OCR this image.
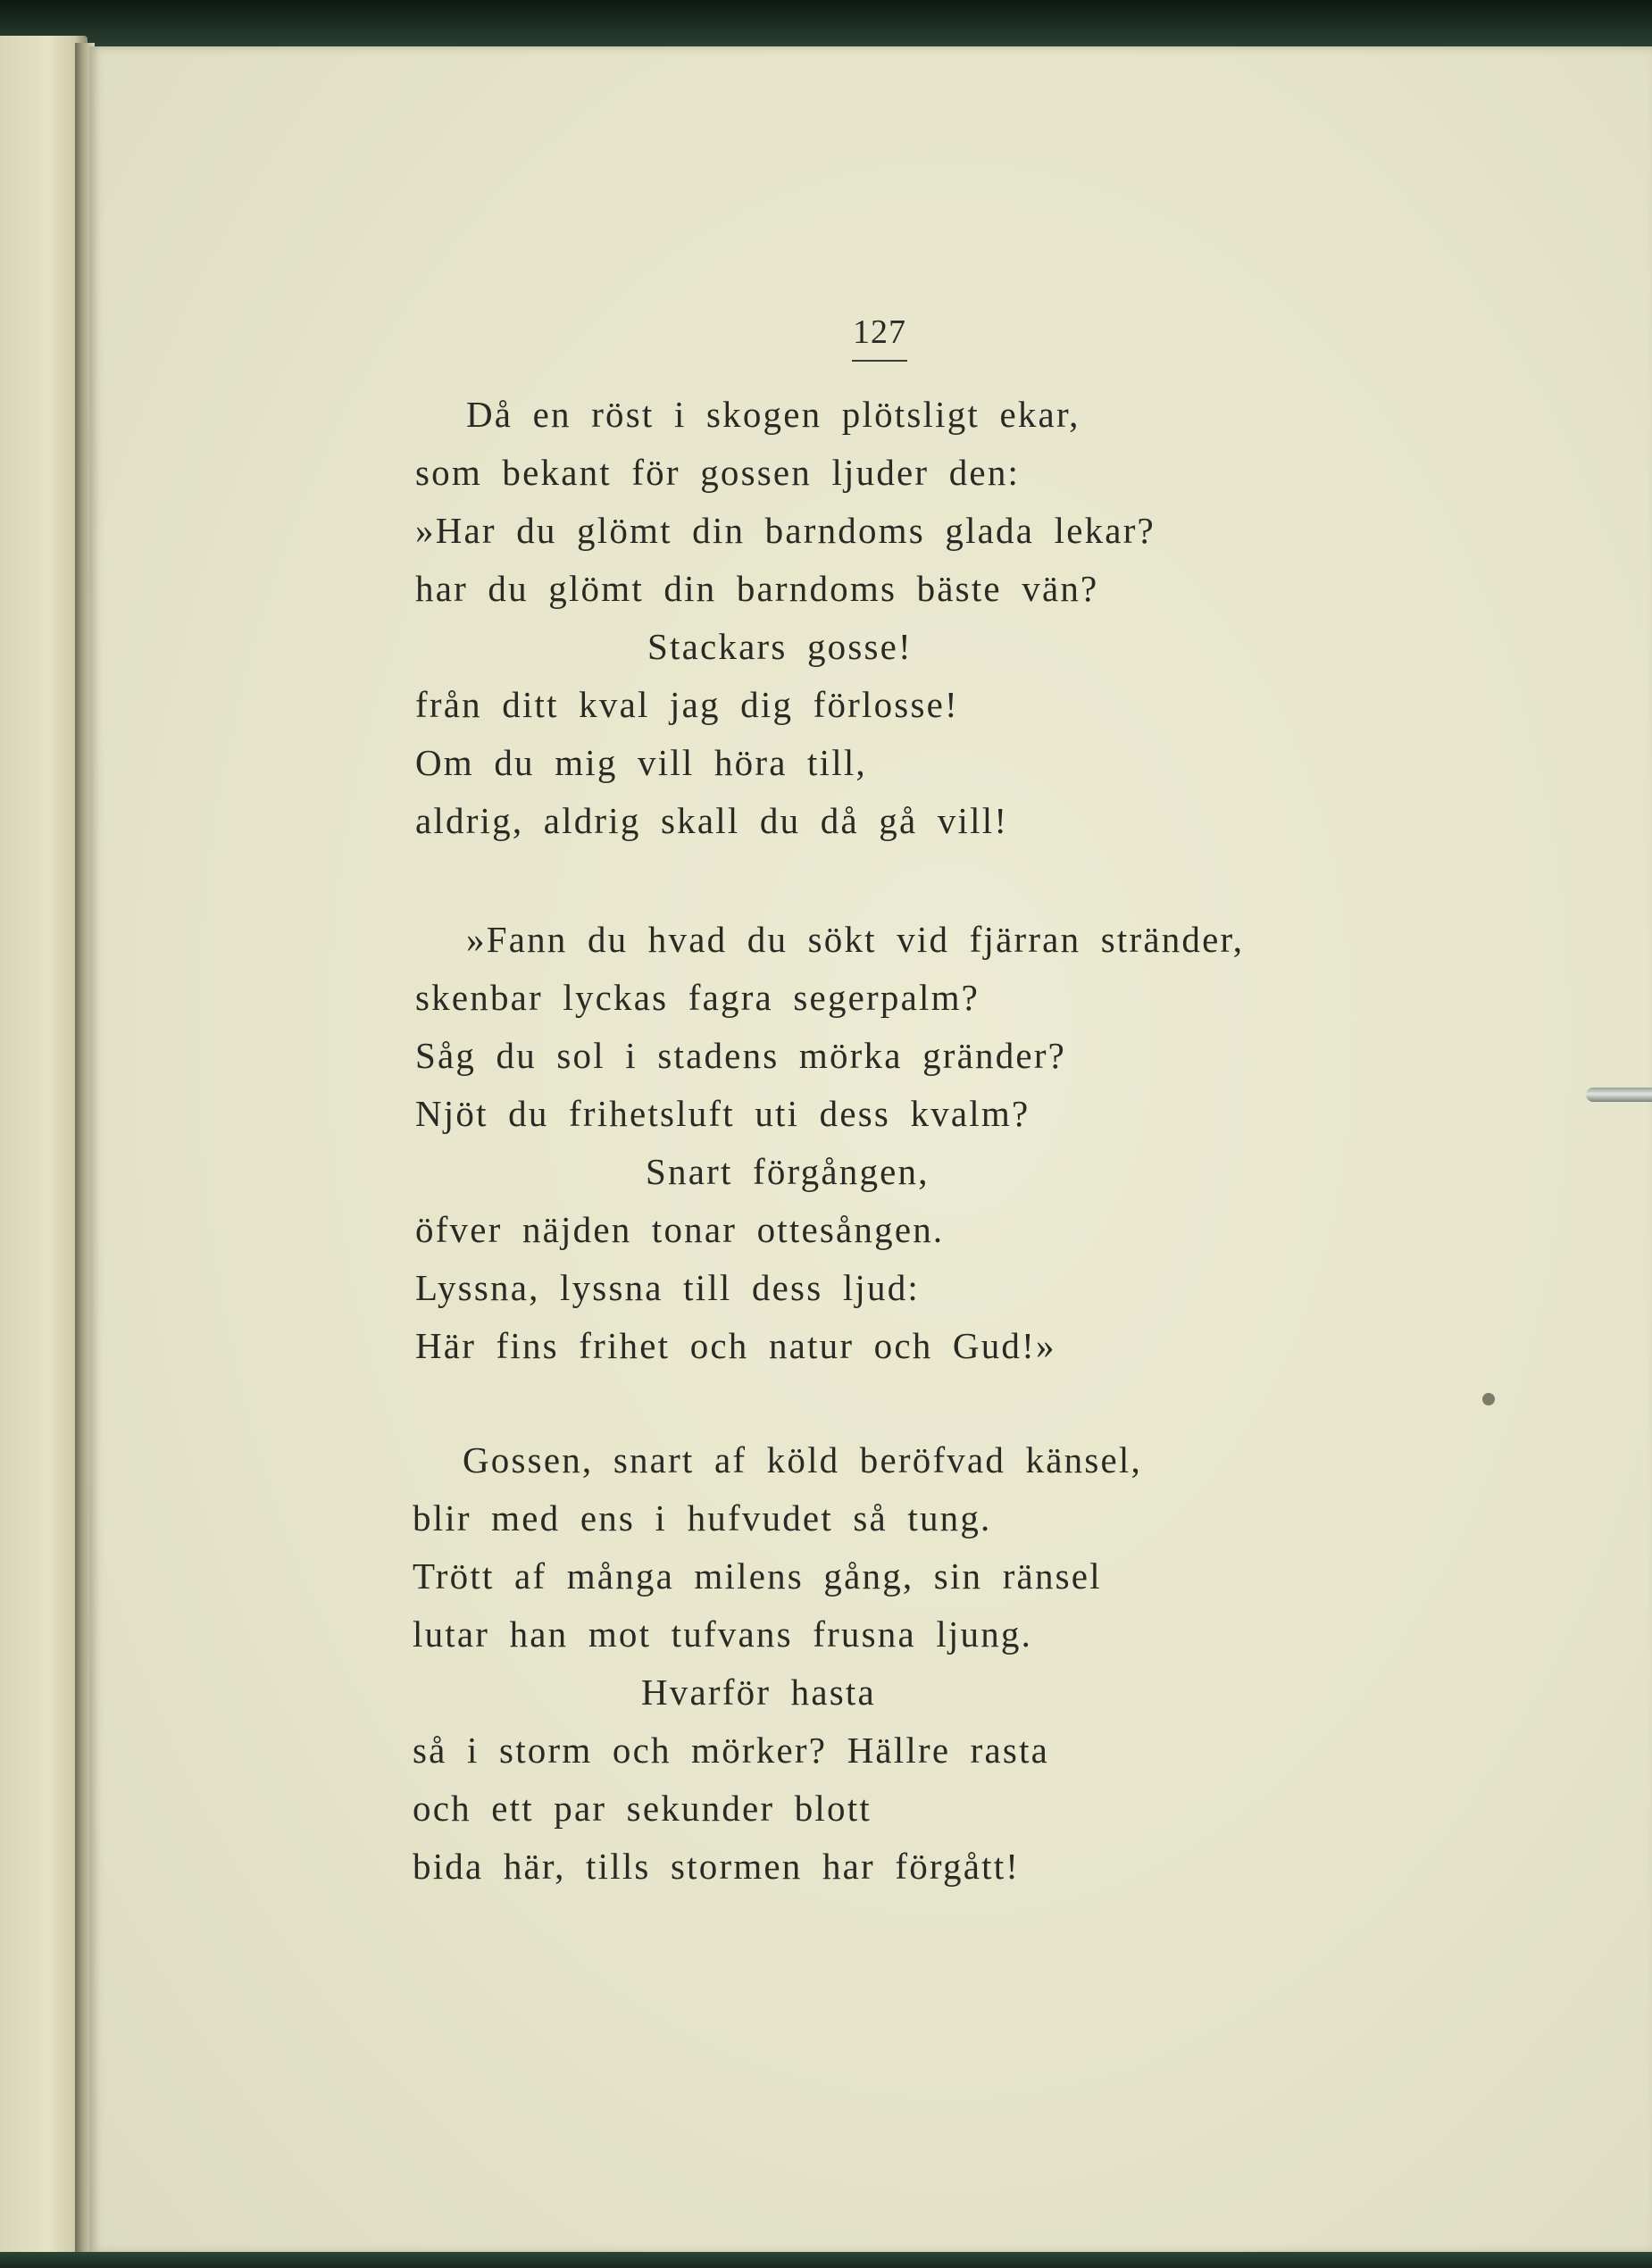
127
Då en röst i skogen plötsligt ekar,
som bekant för gossen ljuder den:
»Har du glömt din barndoms glada lekar?
har du glömt din barndoms bäste vän?
Stackars gosse!
från ditt kval jag dig förlosse!
Om du mig vill höra till,
aldrig, aldrig skall du då gå vill!
»Fann du hvad du sökt vid fjärran stränder,
skenbar lyckas fagra segerpalm?
Såg du sol i stadens mörka gränder?
Njöt du frihetsluft uti dess kvalm?
Snart förgången,
öfver näjden tonar ottesången.
Lyssna, lyssna till dess ljud:
Här fins frihet och natur och Gud!»
Gossen, snart af köld beröfvad känsel,
blir med ens i hufvudet så tung.
Trött af många milens gång, sin ränsel
lutar han mot tufvans frusna ljung.
Hvarför hasta
så i storm och mörker? Hällre rasta
och ett par sekunder blott
bida här, tills stormen har förgått!
